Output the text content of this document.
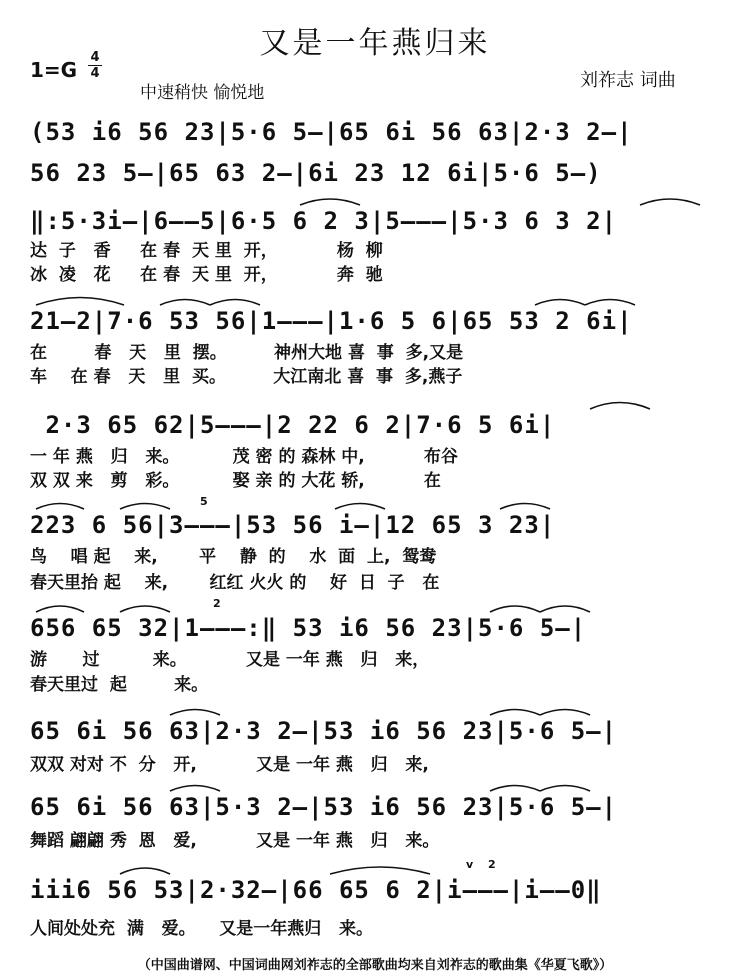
又是一年燕归来
1=G
4
4
中速稍快 愉悦地
刘祚志 词曲
(53 i6 56 23|5·6 5—|65 6i 56 63|2·3 2—|
56 23 5—|65 63 2—|6i 23 12 6i|5·6 5—)
‖:5·3i—|6——5|6·5 6 2 3|5———|5·3 6 3 2|
达  子   香     在 春  天 里  开，          杨  柳
冰  凌   花     在 春  天 里  开，          奔  驰
21—2|7·6 53 56|1———|1·6 5 6|65 53 2 6i|
在        春   天   里  摆。        神州大地 喜  事  多,又是
车    在 春   天   里  买。        大江南北 喜  事  多,燕子
2·3 65 62|5———|2 22 6 2|7·6 5 6i|
一 年 燕   归   来。         茂 密 的 森林 中,          布谷
双 双 来   剪   彩。         娶 亲 的 大花 轿,          在
223 6 56|3———|53 56 i—|12 65 3 23|
鸟    唱 起    来,       平    静  的    水  面  上,  鸳鸯
春天里抬 起    来,       红红 火火 的    好  日  子   在
656 65 32|1———:‖ 53 i6 56 23|5·6 5—|
游      过         来。          又是 一年 燕   归   来，
春天里过  起        来。
65 6i 56 63|2·3 2—|53 i6 56 23|5·6 5—|
双双 对对 不  分   开,          又是 一年 燕   归   来,
65 6i 56 63|5·3 2—|53 i6 56 23|5·6 5—|
舞蹈 翩翩 秀  恩   爱,          又是 一年 燕   归   来。
iii6 56 53|2·32—|66 65 6 2|i———|i——0‖
人间处处充  满   爱。    又是一年燕归   来。
5
2
2
v
（中国曲谱网、中国词曲网刘祚志的全部歌曲均来自刘祚志的歌曲集《华夏飞歌》）
